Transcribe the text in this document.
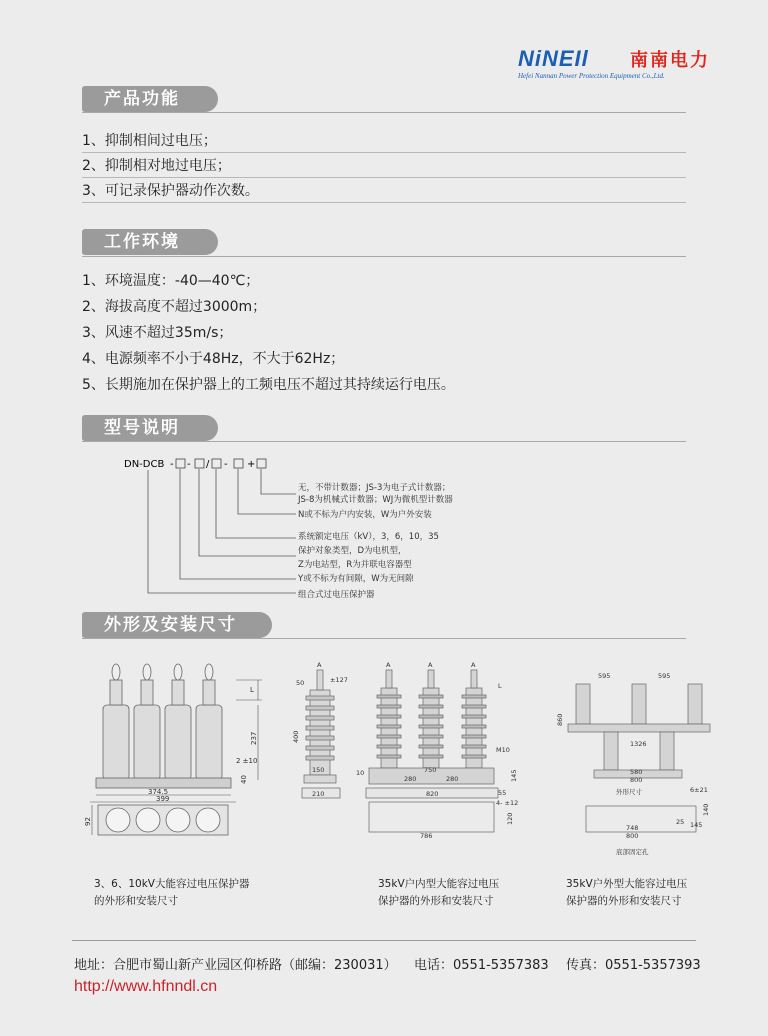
NiNEIl 南南电力
Hefei Nannan Power Protection Equipment Co.,Ltd.
产品功能
1、抑制相间过电压；
2、抑制相对地过电压；
3、可记录保护器动作次数。
工作环境
1、环境温度：-40—40℃；
2、海拔高度不超过3000m；
3、风速不超过35m/s；
4、电源频率不小于48Hz，不大于62Hz；
5、长期施加在保护器上的工频电压不超过其持续运行电压。
型号说明
DN-DCB - - / - +
无，不带计数器；JS-3为电子式计数器；
JS-8为机械式计数器；WJ为微机型计数器
N或不标为户内安装，W为户外安装
系统额定电压（kV），3，6，10，35
保护对象类型，D为电机型，
Z为电站型，R为并联电容器型
Y或不标为有间隙，W为无间隙
组合式过电压保护器
外形及安装尺寸
L
237
2 ±10
40
374.5
399
92
A
50	±127
400
150
210
A	A	A
L
M10
10	750
280	280	145
55
820
4- ±12
120
786
595	595
860
1326
580
800
外形尺寸	6±21
140
25 145
748
800
底部固定孔
3、6、10kV大能容过电压保护器
的外形和安装尺寸
35kV户内型大能容过电压
保护器的外形和安装尺寸
35kV户外型大能容过电压
保护器的外形和安装尺寸
地址：合肥市蜀山新产业园区仰桥路（邮编：230031） 电话：0551-5357383 传真：0551-5357393
http://www.hfnndl.cn
